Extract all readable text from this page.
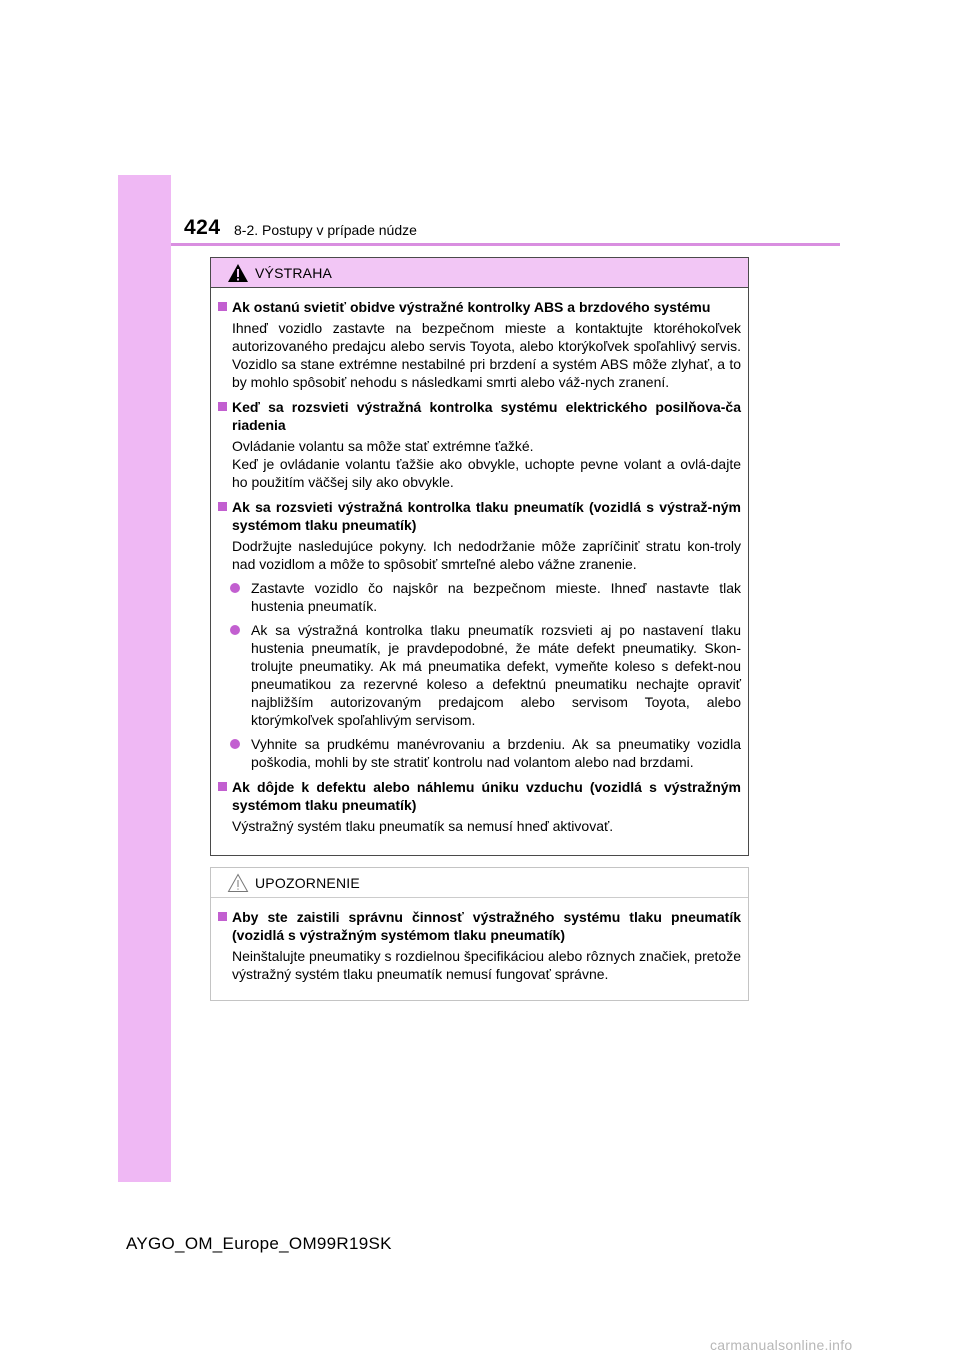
424 8-2. Postupy v prípade núdze
VÝSTRAHA
Ak ostanú svietiť obidve výstražné kontrolky ABS a brzdového systému
Ihneď vozidlo zastavte na bezpečnom mieste a kontaktujte ktoréhokoľvek autorizovaného predajcu alebo servis Toyota, alebo ktorýkoľvek spoľahlivý servis. Vozidlo sa stane extrémne nestabilné pri brzdení a systém ABS môže zlyhať, a to by mohlo spôsobiť nehodu s následkami smrti alebo váž-nych zranení.
Keď sa rozsvieti výstražná kontrolka systému elektrického posilňova-ča riadenia
Ovládanie volantu sa môže stať extrémne ťažké.
Keď je ovládanie volantu ťažšie ako obvykle, uchopte pevne volant a ovlá-dajte ho použitím väčšej sily ako obvykle.
Ak sa rozsvieti výstražná kontrolka tlaku pneumatík (vozidlá s výstraž-ným systémom tlaku pneumatík)
Dodržujte nasledujúce pokyny. Ich nedodržanie môže zapríčiniť stratu kon-troly nad vozidlom a môže to spôsobiť smrteľné alebo vážne zranenie.
Zastavte vozidlo čo najskôr na bezpečnom mieste. Ihneď nastavte tlak hustenia pneumatík.
Ak sa výstražná kontrolka tlaku pneumatík rozsvieti aj po nastavení tlaku hustenia pneumatík, je pravdepodobné, že máte defekt pneumatiky. Skon-trolujte pneumatiky. Ak má pneumatika defekt, vymeňte koleso s defekt-nou pneumatikou za rezervné koleso a defektnú pneumatiku nechajte opraviť najbližším autorizovaným predajcom alebo servisom Toyota, alebo ktorýmkoľvek spoľahlivým servisom.
Vyhnite sa prudkému manévrovaniu a brzdeniu. Ak sa pneumatiky vozidla poškodia, mohli by ste stratiť kontrolu nad volantom alebo nad brzdami.
Ak dôjde k defektu alebo náhlemu úniku vzduchu (vozidlá s výstražným systémom tlaku pneumatík)
Výstražný systém tlaku pneumatík sa nemusí hneď aktivovať.
UPOZORNENIE
Aby ste zaistili správnu činnosť výstražného systému tlaku pneumatík (vozidlá s výstražným systémom tlaku pneumatík)
Neinštalujte pneumatiky s rozdielnou špecifikáciou alebo rôznych značiek, pretože výstražný systém tlaku pneumatík nemusí fungovať správne.
AYGO_OM_Europe_OM99R19SK
carmanualsonline.info
